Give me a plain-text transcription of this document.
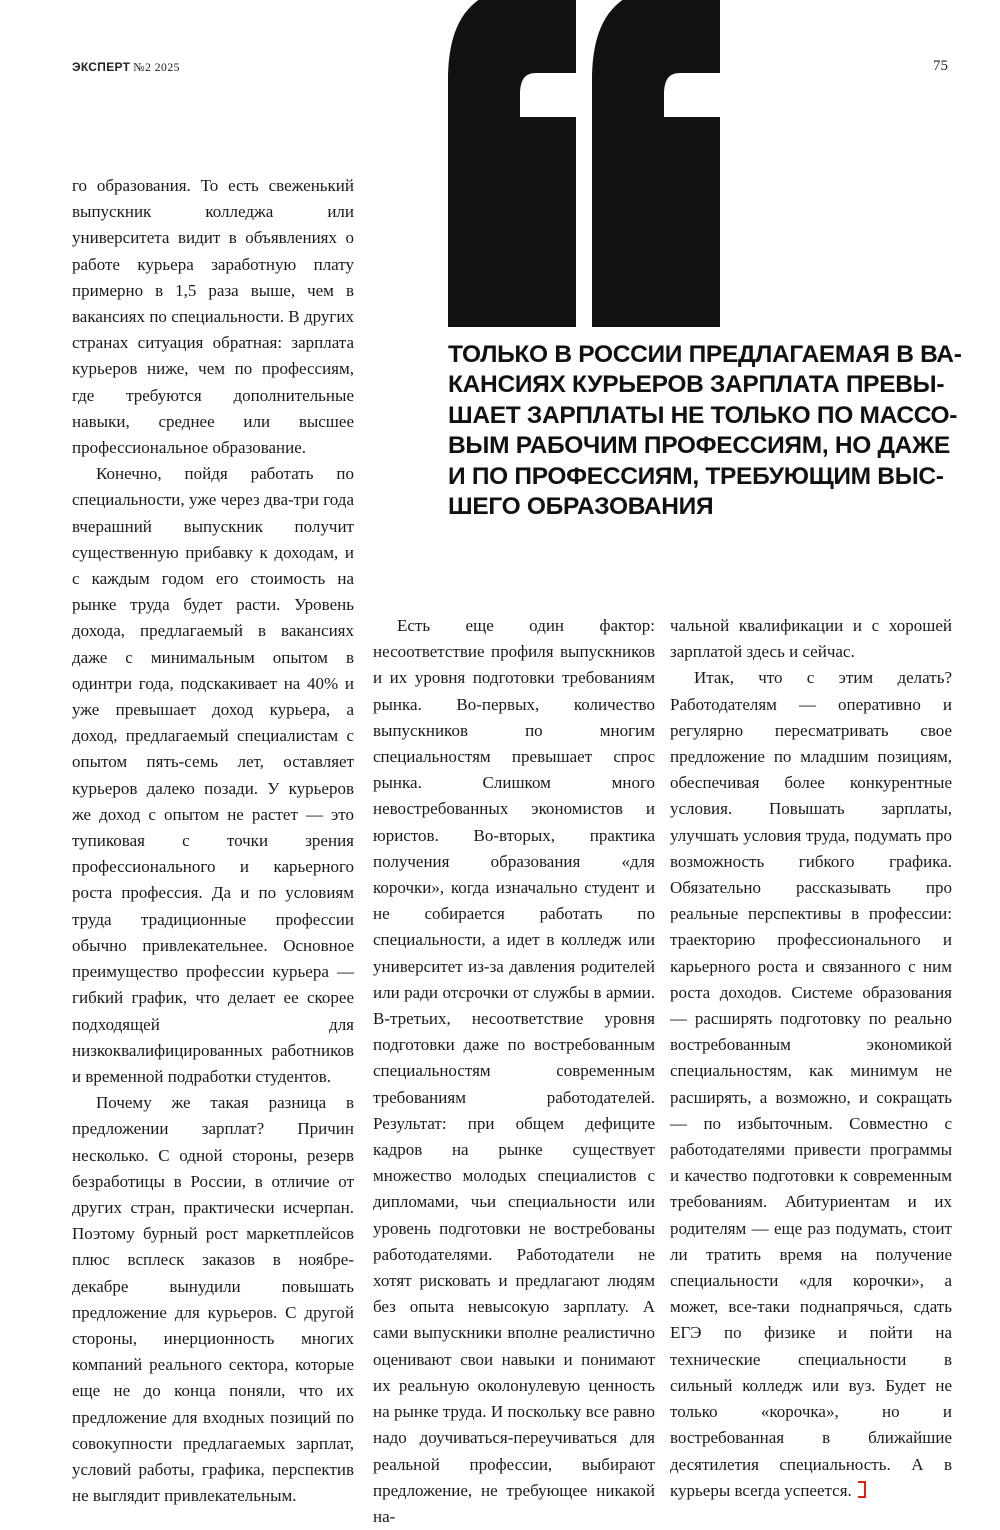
ЭКСПЕРТ №2 2025	75
ТОЛЬКО В РОССИИ ПРЕДЛАГАЕМАЯ В ВА-
КАНСИЯХ КУРЬЕРОВ ЗАРПЛАТА ПРЕВЫ-
ШАЕТ ЗАРПЛАТЫ НЕ ТОЛЬКО ПО МАССО-
ВЫМ РАБОЧИМ ПРОФЕССИЯМ, НО ДАЖЕ
И ПО ПРОФЕССИЯМ, ТРЕБУЮЩИМ ВЫС-
ШЕГО ОБРАЗОВАНИЯ

го образования. То есть свеженький выпускник колледжа или университета видит в объявлениях о работе курьера заработную плату примерно в 1,5 раза выше, чем в вакансиях по специальности. В других странах ситуация обратная: зарплата курьеров ниже, чем по профессиям, где требуются дополнительные навыки, среднее или высшее профессиональное образование.

Конечно, пойдя работать по специальности, уже через два-три года вчерашний выпускник получит существенную прибавку к доходам, и с каждым годом его стоимость на рынке труда будет расти. Уровень дохода, предлагаемый в вакансиях даже с минимальным опытом в одинтри года, подскакивает на 40% и уже превышает доход курьера, а доход, предлагаемый специалистам с опытом пять-семь лет, оставляет курьеров далеко позади. У курьеров же доход с опытом не растет — это тупиковая с точки зрения профессионального и карьерного роста профессия. Да и по условиям труда традиционные профессии обычно привлекательнее. Основное преимущество профессии курьера — гибкий график, что делает ее скорее подходящей для низкоквалифицированных работников и временной подработки студентов.

Почему же такая разница в предложении зарплат? Причин несколько. С одной стороны, резерв безработицы в России, в отличие от других стран, практически исчерпан. Поэтому бурный рост маркетплейсов плюс всплеск заказов в ноябре-декабре вынудили повышать предложение для курьеров. С другой стороны, инерционность многих компаний реального сектора, которые еще не до конца поняли, что их предложение для входных позиций по совокупности предлагаемых зарплат, условий работы, графика, перспектив не выглядит привлекательным.

Есть еще один фактор: несоответствие профиля выпускников и их уровня подготовки требованиям рынка. Во-первых, количество выпускников по многим специальностям превышает спрос рынка. Слишком много невостребованных экономистов и юристов. Во-вторых, практика получения образования «для корочки», когда изначально студент и не собирается работать по специальности, а идет в колледж или университет из-за давления родителей или ради отсрочки от службы в армии. В-третьих, несоответствие уровня подготовки даже по востребованным специальностям современным требованиям работодателей. Результат: при общем дефиците кадров на рынке существует множество молодых специалистов с дипломами, чьи специальности или уровень подготовки не востребованы работодателями. Работодатели не хотят рисковать и предлагают людям без опыта невысокую зарплату. А сами выпускники вполне реалистично оценивают свои навыки и понимают их реальную околонулевую ценность на рынке труда. И поскольку все равно надо доучиваться-переучиваться для реальной профессии, выбирают предложение, не требующее никакой на-

чальной квалификации и с хорошей зарплатой здесь и сейчас.

Итак, что с этим делать? Работодателям — оперативно и регулярно пересматривать свое предложение по младшим позициям, обеспечивая более конкурентные условия. Повышать зарплаты, улучшать условия труда, подумать про возможность гибкого графика. Обязательно рассказывать про реальные перспективы в профессии: траекторию профессионального и карьерного роста и связанного с ним роста доходов. Системе образования — расширять подготовку по реально востребованным экономикой специальностям, как минимум не расширять, а возможно, и сокращать — по избыточным. Совместно с работодателями привести программы и качество подготовки к современным требованиям. Абитуриентам и их родителям — еще раз подумать, стоит ли тратить время на получение специальности «для корочки», а может, все-таки поднапрячься, сдать ЕГЭ по физике и пойти на технические специальности в сильный колледж или вуз. Будет не только «корочка», но и востребованная в ближайшие десятилетия специальность. А в курьеры всегда успеется.
